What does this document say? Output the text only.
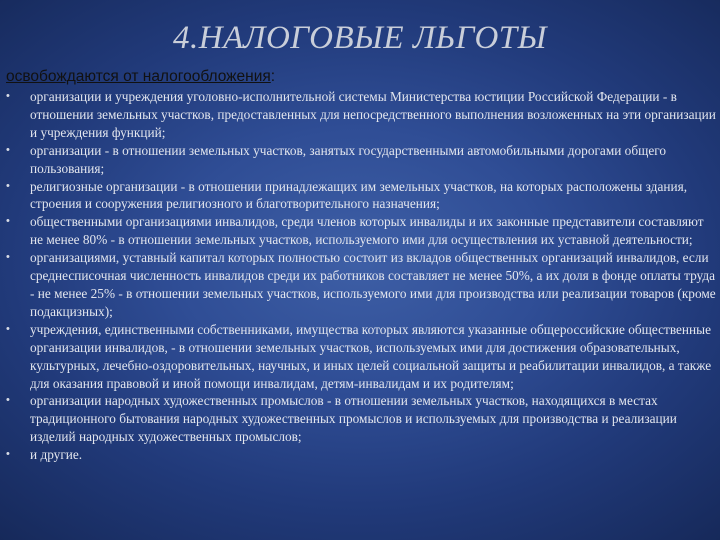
4.НАЛОГОВЫЕ ЛЬГОТЫ
освобождаются от налогообложения:
•	организации и учреждения уголовно-исполнительной системы Министерства юстиции Российской Федерации - в отношении земельных участков, предоставленных для непосредственного выполнения возложенных на эти организации и учреждения функций;
•	организации - в отношении земельных участков, занятых государственными автомобильными дорогами общего пользования;
•	религиозные организации - в отношении принадлежащих им земельных участков, на которых расположены здания, строения и сооружения религиозного и благотворительного назначения;
•	общественными организациями инвалидов, среди членов которых инвалиды и их законные представители составляют не менее 80% - в отношении земельных участков, используемого ими для осуществления их уставной деятельности;
•	организациями, уставный капитал которых полностью состоит из вкладов общественных организаций инвалидов, если среднесписочная численность инвалидов среди их работников составляет не менее 50%, а их доля в фонде оплаты труда - не менее 25% - в отношении земельных участков, используемого ими для производства или реализации товаров (кроме подакцизных);
•	учреждения, единственными собственниками, имущества которых являются указанные общероссийские общественные организации инвалидов, - в отношении земельных участков, используемых ими для достижения образовательных, культурных, лечебно-оздоровительных, научных, и иных целей социальной защиты и реабилитации инвалидов, а также для оказания правовой и иной помощи инвалидам, детям-инвалидам и их родителям;
•	организации народных художественных промыслов - в отношении земельных участков, находящихся в местах традиционного бытования народных художественных промыслов и используемых для производства и реализации изделий народных художественных промыслов;
•	и другие.
